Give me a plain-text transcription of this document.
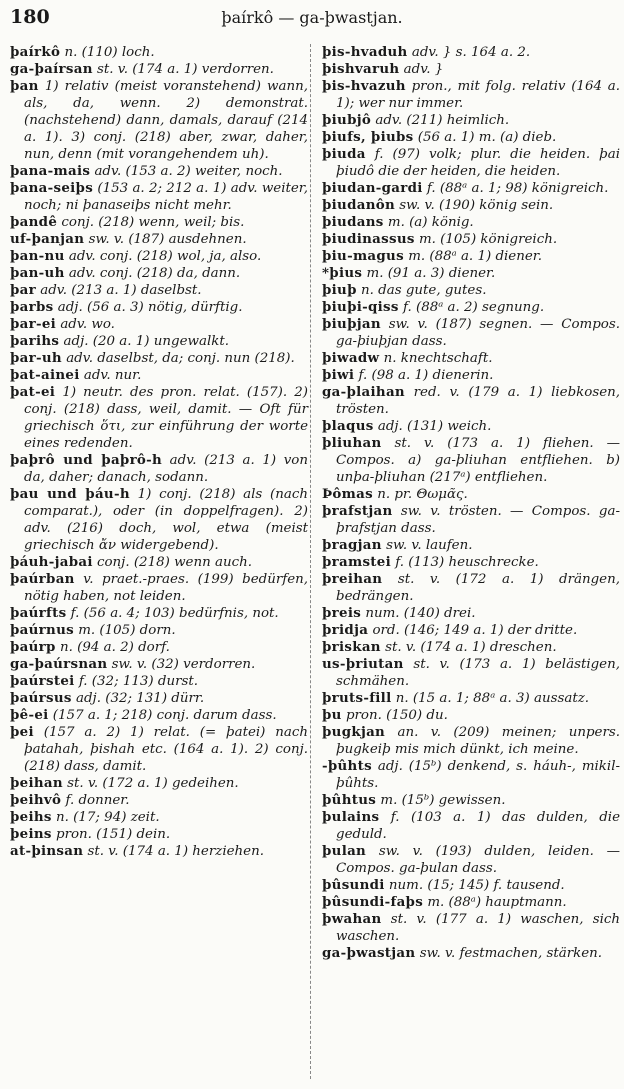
180	þaírkô — ga-þwastjan.

þaírkô n. (110) loch.

ga-þaírsan st. v. (174 a. 1) verdorren.

þan 1) relativ (meist voranstehend) wann, als, da, wenn. 2) demonstrat. (nachstehend) dann, damals, darauf (214 a. 1). 3) conj. (218) aber, zwar, daher, nun, denn (mit vorangehendem uh).

þana-mais adv. (153 a. 2) weiter, noch.

þana-seiþs (153 a. 2; 212 a. 1) adv. weiter, noch; ni þanaseiþs nicht mehr.

þandê conj. (218) wenn, weil; bis.

uf-þanjan sw. v. (187) ausdehnen.

þan-nu adv. conj. (218) wol, ja, also.

þan-uh adv. conj. (218) da, dann.

þar adv. (213 a. 1) daselbst.

þarbs adj. (56 a. 3) nötig, dürftig.

þar-ei adv. wo.

þarihs adj. (20 a. 1) ungewalkt.

þar-uh adv. daselbst, da; conj. nun (218).

þat-ainei adv. nur.

þat-ei 1) neutr. des pron. relat. (157). 2) conj. (218) dass, weil, damit. — Oft für griechisch ὅτι, zur einführung der worte eines redenden.

þaþrô und þaþrô-h adv. (213 a. 1) von da, daher; danach, sodann.

þau und þáu-h 1) conj. (218) als (nach comparat.), oder (in doppelfragen). 2) adv. (216) doch, wol, etwa (meist griechisch ἄν widergebend).

þáuh-jabai conj. (218) wenn auch.

þaúrban v. praet.-praes. (199) bedürfen, nötig haben, not leiden.

þaúrfts f. (56 a. 4; 103) bedürfnis, not.

þaúrnus m. (105) dorn.

þaúrp n. (94 a. 2) dorf.

ga-þaúrsnan sw. v. (32) verdorren.

þaúrstei f. (32; 113) durst.

þaúrsus adj. (32; 131) dürr.

þê-ei (157 a. 1; 218) conj. darum dass.

þei (157 a. 2) 1) relat. (= þatei) nach þatahah, þishah etc. (164 a. 1). 2) conj. (218) dass, damit.

þeihan st. v. (172 a. 1) gedeihen.

þeihvô f. donner.

þeihs n. (17; 94) zeit.

þeins pron. (151) dein.

at-þinsan st. v. (174 a. 1) herziehen.

þis-hvaduh adv. } s. 164 a. 2.

þishvaruh adv. }

þis-hvazuh pron., mit folg. relativ (164 a. 1); wer nur immer.

þiubjô adv. (211) heimlich.

þiufs, þiubs (56 a. 1) m. (a) dieb.

þiuda f. (97) volk; plur. die heiden. þai þiudô die der heiden, die heiden.

þiudan-gardi f. (88ᵃ a. 1; 98) königreich.

þiudanôn sw. v. (190) könig sein.

þiudans m. (a) könig.

þiudinassus m. (105) königreich.

þiu-magus m. (88ᵃ a. 1) diener.

*þius m. (91 a. 3) diener.

þiuþ n. das gute, gutes.

þiuþi-qiss f. (88ᵃ a. 2) segnung.

þiuþjan sw. v. (187) segnen. — Compos. ga-þiuþjan dass.

þiwadw n. knechtschaft.

þiwi f. (98 a. 1) dienerin.

ga-þlaihan red. v. (179 a. 1) liebkosen, trösten.

þlaqus adj. (131) weich.

þliuhan st. v. (173 a. 1) fliehen. — Compos. a) ga-þliuhan entfliehen. b) unþa-þliuhan (217ᵃ) entfliehen.

Þômas n. pr. Θωμᾶς.

þrafstjan sw. v. trösten. — Compos. ga-þrafstjan dass.

þragjan sw. v. laufen.

þramstei f. (113) heuschrecke.

þreihan st. v. (172 a. 1) drängen, bedrängen.

þreis num. (140) drei.

þridja ord. (146; 149 a. 1) der dritte.

þriskan st. v. (174 a. 1) dreschen.

us-þriutan st. v. (173 a. 1) belästigen, schmähen.

þruts-fill n. (15 a. 1; 88ᵃ a. 3) aussatz.

þu pron. (150) du.

þugkjan an. v. (209) meinen; unpers. þugkeiþ mis mich dünkt, ich meine.

-þûhts adj. (15ᵇ) denkend, s. háuh-, mikil-þûhts.

þûhtus m. (15ᵇ) gewissen.

þulains f. (103 a. 1) das dulden, die geduld.

þulan sw. v. (193) dulden, leiden. — Compos. ga-þulan dass.

þûsundi num. (15; 145) f. tausend.

þûsundi-faþs m. (88ᵃ) hauptmann.

þwahan st. v. (177 a. 1) waschen, sich waschen.

ga-þwastjan sw. v. festmachen, stärken.
